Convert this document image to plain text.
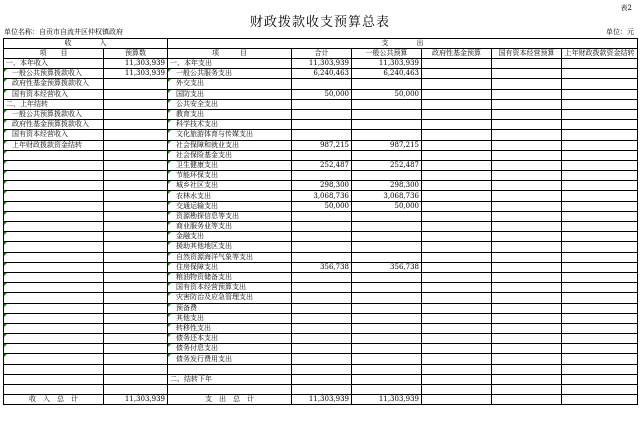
表2
财政拨款收支预算总表
单位名称：自贡市自流井区仲权镇政府	单位：元
收　　　　入		支　　　　出					
项　　目	预算数	项　　　目	合计	一般公共预算	政府性基金预算	国有资本经营预算	上年财政拨款资金结转
一、本年收入	11,303,939	一、本年支出	11,303,939	11,303,939			
一般公共预算拨款收入	11,303,939	一般公共服务支出	6,240,463	6,240,463			
政府性基金预算拨款收入		外交支出					
国有资本经营收入		国防支出	50,000	50,000			
二、上年结转		公共安全支出					
一般公共预算拨款收入		教育支出					
政府性基金预算拨款收入		科学技术支出					
国有资本经营收入		文化旅游体育与传媒支出					
上年财政拨款资金结转		社会保障和就业支出	987,215	987,215			
		社会保险基金支出					
		卫生健康支出	252,487	252,487			
		节能环保支出					
		城乡社区支出	298,300	298,300			
		农林水支出	3,068,736	3,068,736			
		交通运输支出	50,000	50,000			
		资源勘探信息等支出					
		商业服务业等支出					
		金融支出					
		援助其他地区支出					
		自然资源海洋气象等支出					
		住房保障支出	356,738	356,738			
		粮油物资储备支出					
		国有资本经营预算支出					
		灾害防治及应急管理支出					
		预备费					
		其他支出					
		转移性支出					
		债务还本支出					
		债务付息支出					
		债务发行费用支出					

		二、结转下年					

收　入　总　计	11,303,939	支　出　总　计	11,303,939	11,303,939			
